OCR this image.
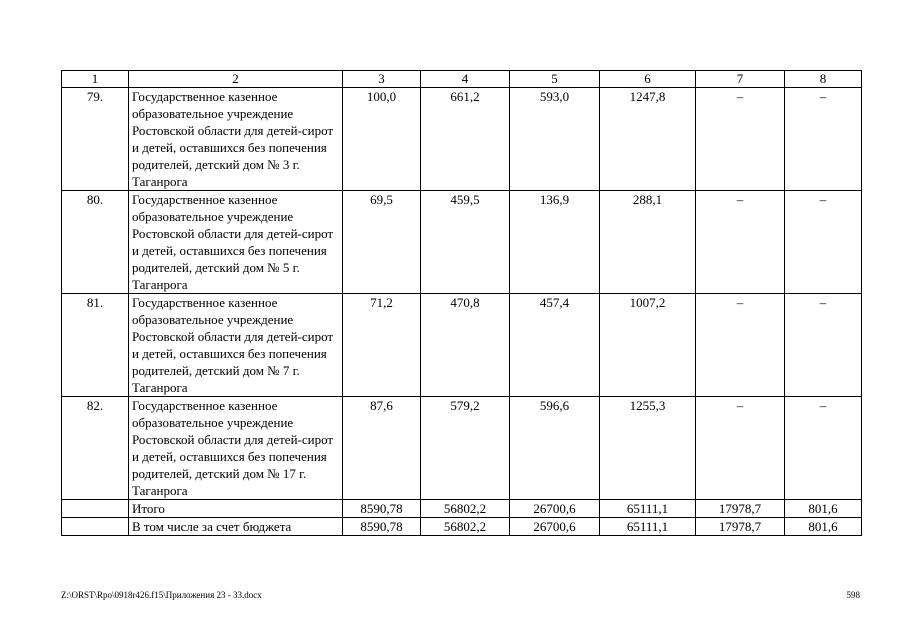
1	2	3	4	5	6	7	8
79.	Государственное казенное образовательное учреждение Ростовской области для детей-сирот и детей, оставшихся без попечения родителей, детский дом № 3 г. Таганрога	100,0	661,2	593,0	1247,8	–	–
80.	Государственное казенное образовательное учреждение Ростовской области для детей-сирот и детей, оставшихся без попечения родителей, детский дом № 5 г. Таганрога	69,5	459,5	136,9	288,1	–	–
81.	Государственное казенное образовательное учреждение Ростовской области для детей-сирот и детей, оставшихся без попечения родителей, детский дом № 7 г. Таганрога	71,2	470,8	457,4	1007,2	–	–
82.	Государственное казенное образовательное учреждение Ростовской области для детей-сирот и детей, оставшихся без попечения родителей, детский дом № 17 г. Таганрога	87,6	579,2	596,6	1255,3	–	–
	Итого	8590,78	56802,2	26700,6	65111,1	17978,7	801,6
	В том числе за счет бюджета	8590,78	56802,2	26700,6	65111,1	17978,7	801,6
Z:\ORST\Rpo\0918r426.f15\Приложения 23 - 33.docx	598
